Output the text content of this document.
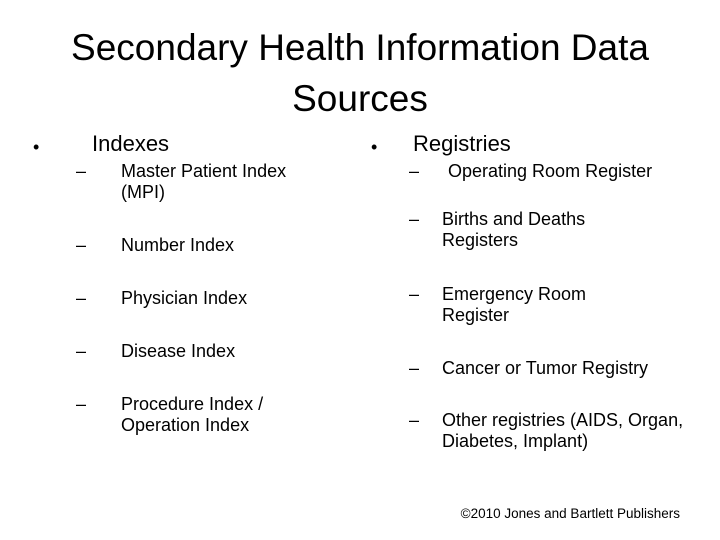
Secondary Health Information Data Sources
• Indexes
– Master Patient Index (MPI)
– Number Index
– Physician Index
– Disease Index
– Procedure Index / Operation Index
• Registries
– Operating Room Register
– Births and Deaths Registers
– Emergency Room Register
– Cancer or Tumor Registry
– Other registries (AIDS, Organ, Diabetes, Implant)
©2010 Jones and Bartlett Publishers
